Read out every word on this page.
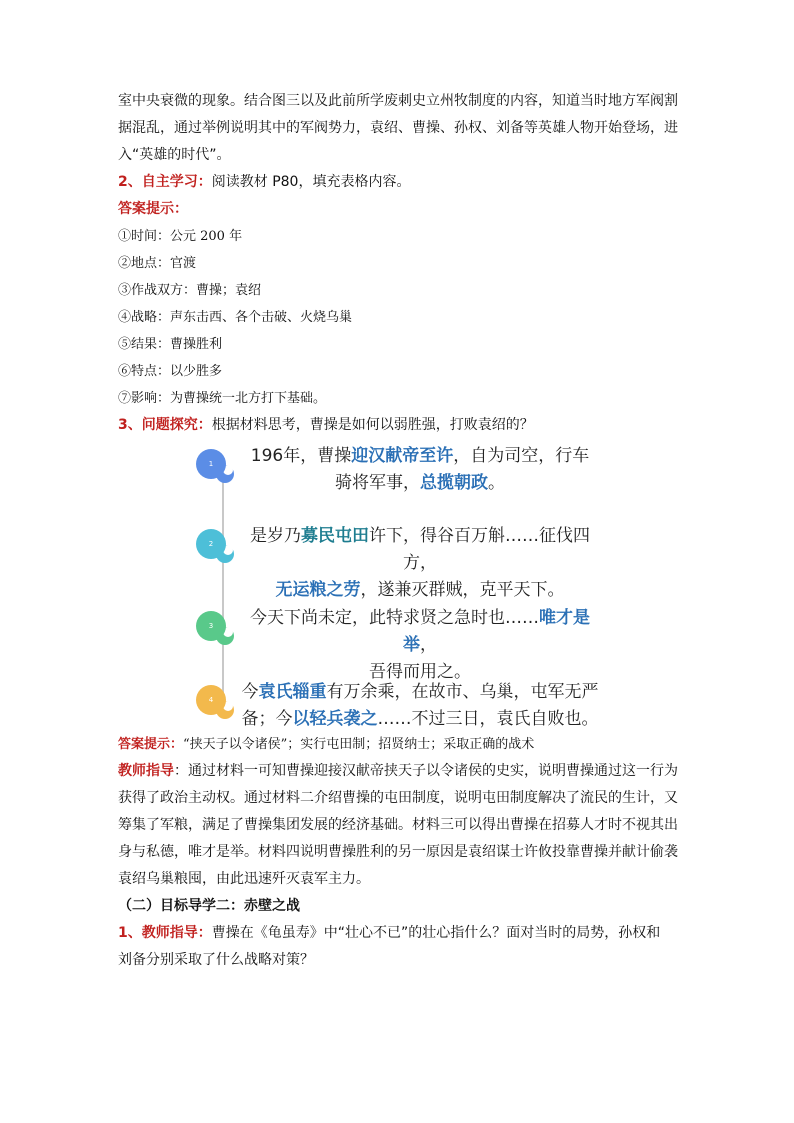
室中央衰微的现象。结合图三以及此前所学废刺史立州牧制度的内容，知道当时地方军阀割

据混乱，通过举例说明其中的军阀势力，袁绍、曹操、孙权、刘备等英雄人物开始登场，进

入“英雄的时代”。

2、自主学习：阅读教材 P80，填充表格内容。

答案提示：

①时间：公元 200 年

②地点：官渡

③作战双方：曹操；袁绍

④战略：声东击西、各个击破、火烧乌巢

⑤结果：曹操胜利

⑥特点：以少胜多

⑦影响：为曹操统一北方打下基础。

3、问题探究：根据材料思考，曹操是如何以弱胜强，打败袁绍的？

1	196年，曹操迎汉献帝至许，自为司空，行车
骑将军事，总揽朝政。
2	是岁乃募民屯田许下，得谷百万斛……征伐四方，
无运粮之劳，遂兼灭群贼，克平天下。
3	今天下尚未定，此特求贤之急时也……唯才是举，
吾得而用之。
4	今袁氏辎重有万余乘，在故市、乌巢，屯军无严
备；今以轻兵袭之……不过三日，袁氏自败也。

答案提示：“挟天子以令诸侯”；实行屯田制；招贤纳士；采取正确的战术

教师指导：通过材料一可知曹操迎接汉献帝挟天子以令诸侯的史实，说明曹操通过这一行为

获得了政治主动权。通过材料二介绍曹操的屯田制度，说明屯田制度解决了流民的生计，又

筹集了军粮，满足了曹操集团发展的经济基础。材料三可以得出曹操在招募人才时不视其出

身与私德，唯才是举。材料四说明曹操胜利的另一原因是袁绍谋士许攸投靠曹操并献计偷袭

袁绍乌巢粮囤，由此迅速歼灭袁军主力。

（二）目标导学二：赤壁之战

1、教师指导：曹操在《龟虽寿》中“壮心不已”的壮心指什么？面对当时的局势，孙权和

刘备分别采取了什么战略对策？
